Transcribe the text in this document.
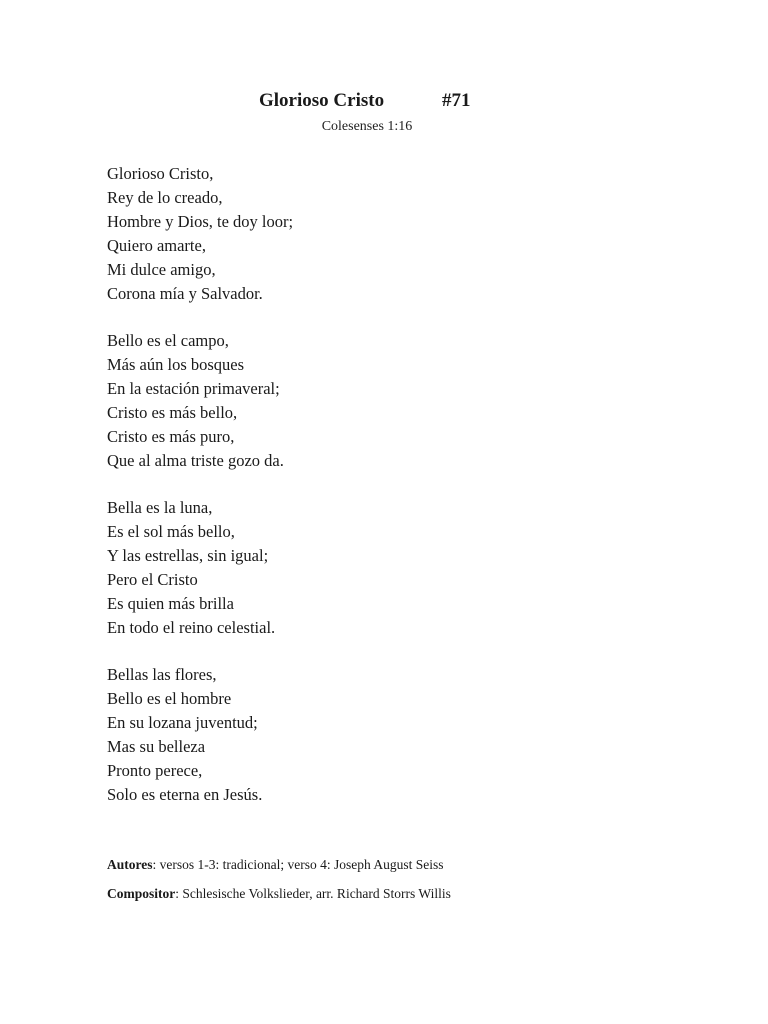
Glorioso Cristo	#71
Colesenses 1:16
Glorioso Cristo,
Rey de lo creado,
Hombre y Dios, te doy loor;
Quiero amarte,
Mi dulce amigo,
Corona mía y Salvador.
Bello es el campo,
Más aún los bosques
En la estación primaveral;
Cristo es más bello,
Cristo es más puro,
Que al alma triste gozo da.
Bella es la luna,
Es el sol más bello,
Y las estrellas, sin igual;
Pero el Cristo
Es quien más brilla
En todo el reino celestial.
Bellas las flores,
Bello es el hombre
En su lozana juventud;
Mas su belleza
Pronto perece,
Solo es eterna en Jesús.
Autores: versos 1-3: tradicional; verso 4: Joseph August Seiss
Compositor: Schlesische Volkslieder, arr. Richard Storrs Willis
